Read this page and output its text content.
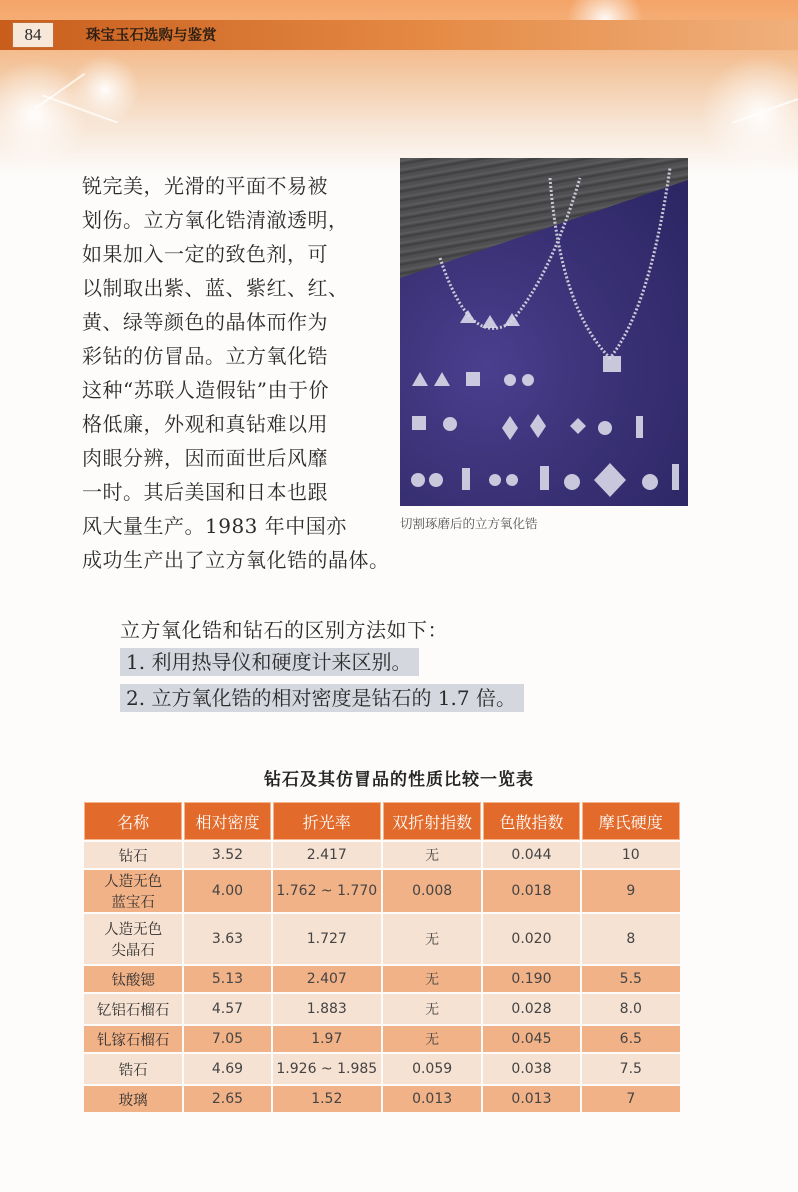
84	珠宝玉石选购与鉴赏
锐完美，光滑的平面不易被
划伤。立方氧化锆清澈透明，
如果加入一定的致色剂，可
以制取出紫、蓝、紫红、红、
黄、绿等颜色的晶体而作为
彩钻的仿冒品。立方氧化锆
这种“苏联人造假钻”由于价
格低廉，外观和真钻难以用
肉眼分辨，因而面世后风靡
一时。其后美国和日本也跟
风大量生产。1983 年中国亦
成功生产出了立方氧化锆的晶体。
切割琢磨后的立方氧化锆
立方氧化锆和钻石的区别方法如下：
1. 利用热导仪和硬度计来区别。
2. 立方氧化锆的相对密度是钻石的 1.7 倍。
钻石及其仿冒品的性质比较一览表
名称	相对密度	折光率	双折射指数	色散指数	摩氏硬度
钻石	3.52	2.417	无	0.044	10
人造无色
蓝宝石	4.00	1.762 ~ 1.770	0.008	0.018	9
人造无色
尖晶石	3.63	1.727	无	0.020	8
钛酸锶	5.13	2.407	无	0.190	5.5
钇铝石榴石	4.57	1.883	无	0.028	8.0
钆镓石榴石	7.05	1.97	无	0.045	6.5
锆石	4.69	1.926 ~ 1.985	0.059	0.038	7.5
玻璃	2.65	1.52	0.013	0.013	7
